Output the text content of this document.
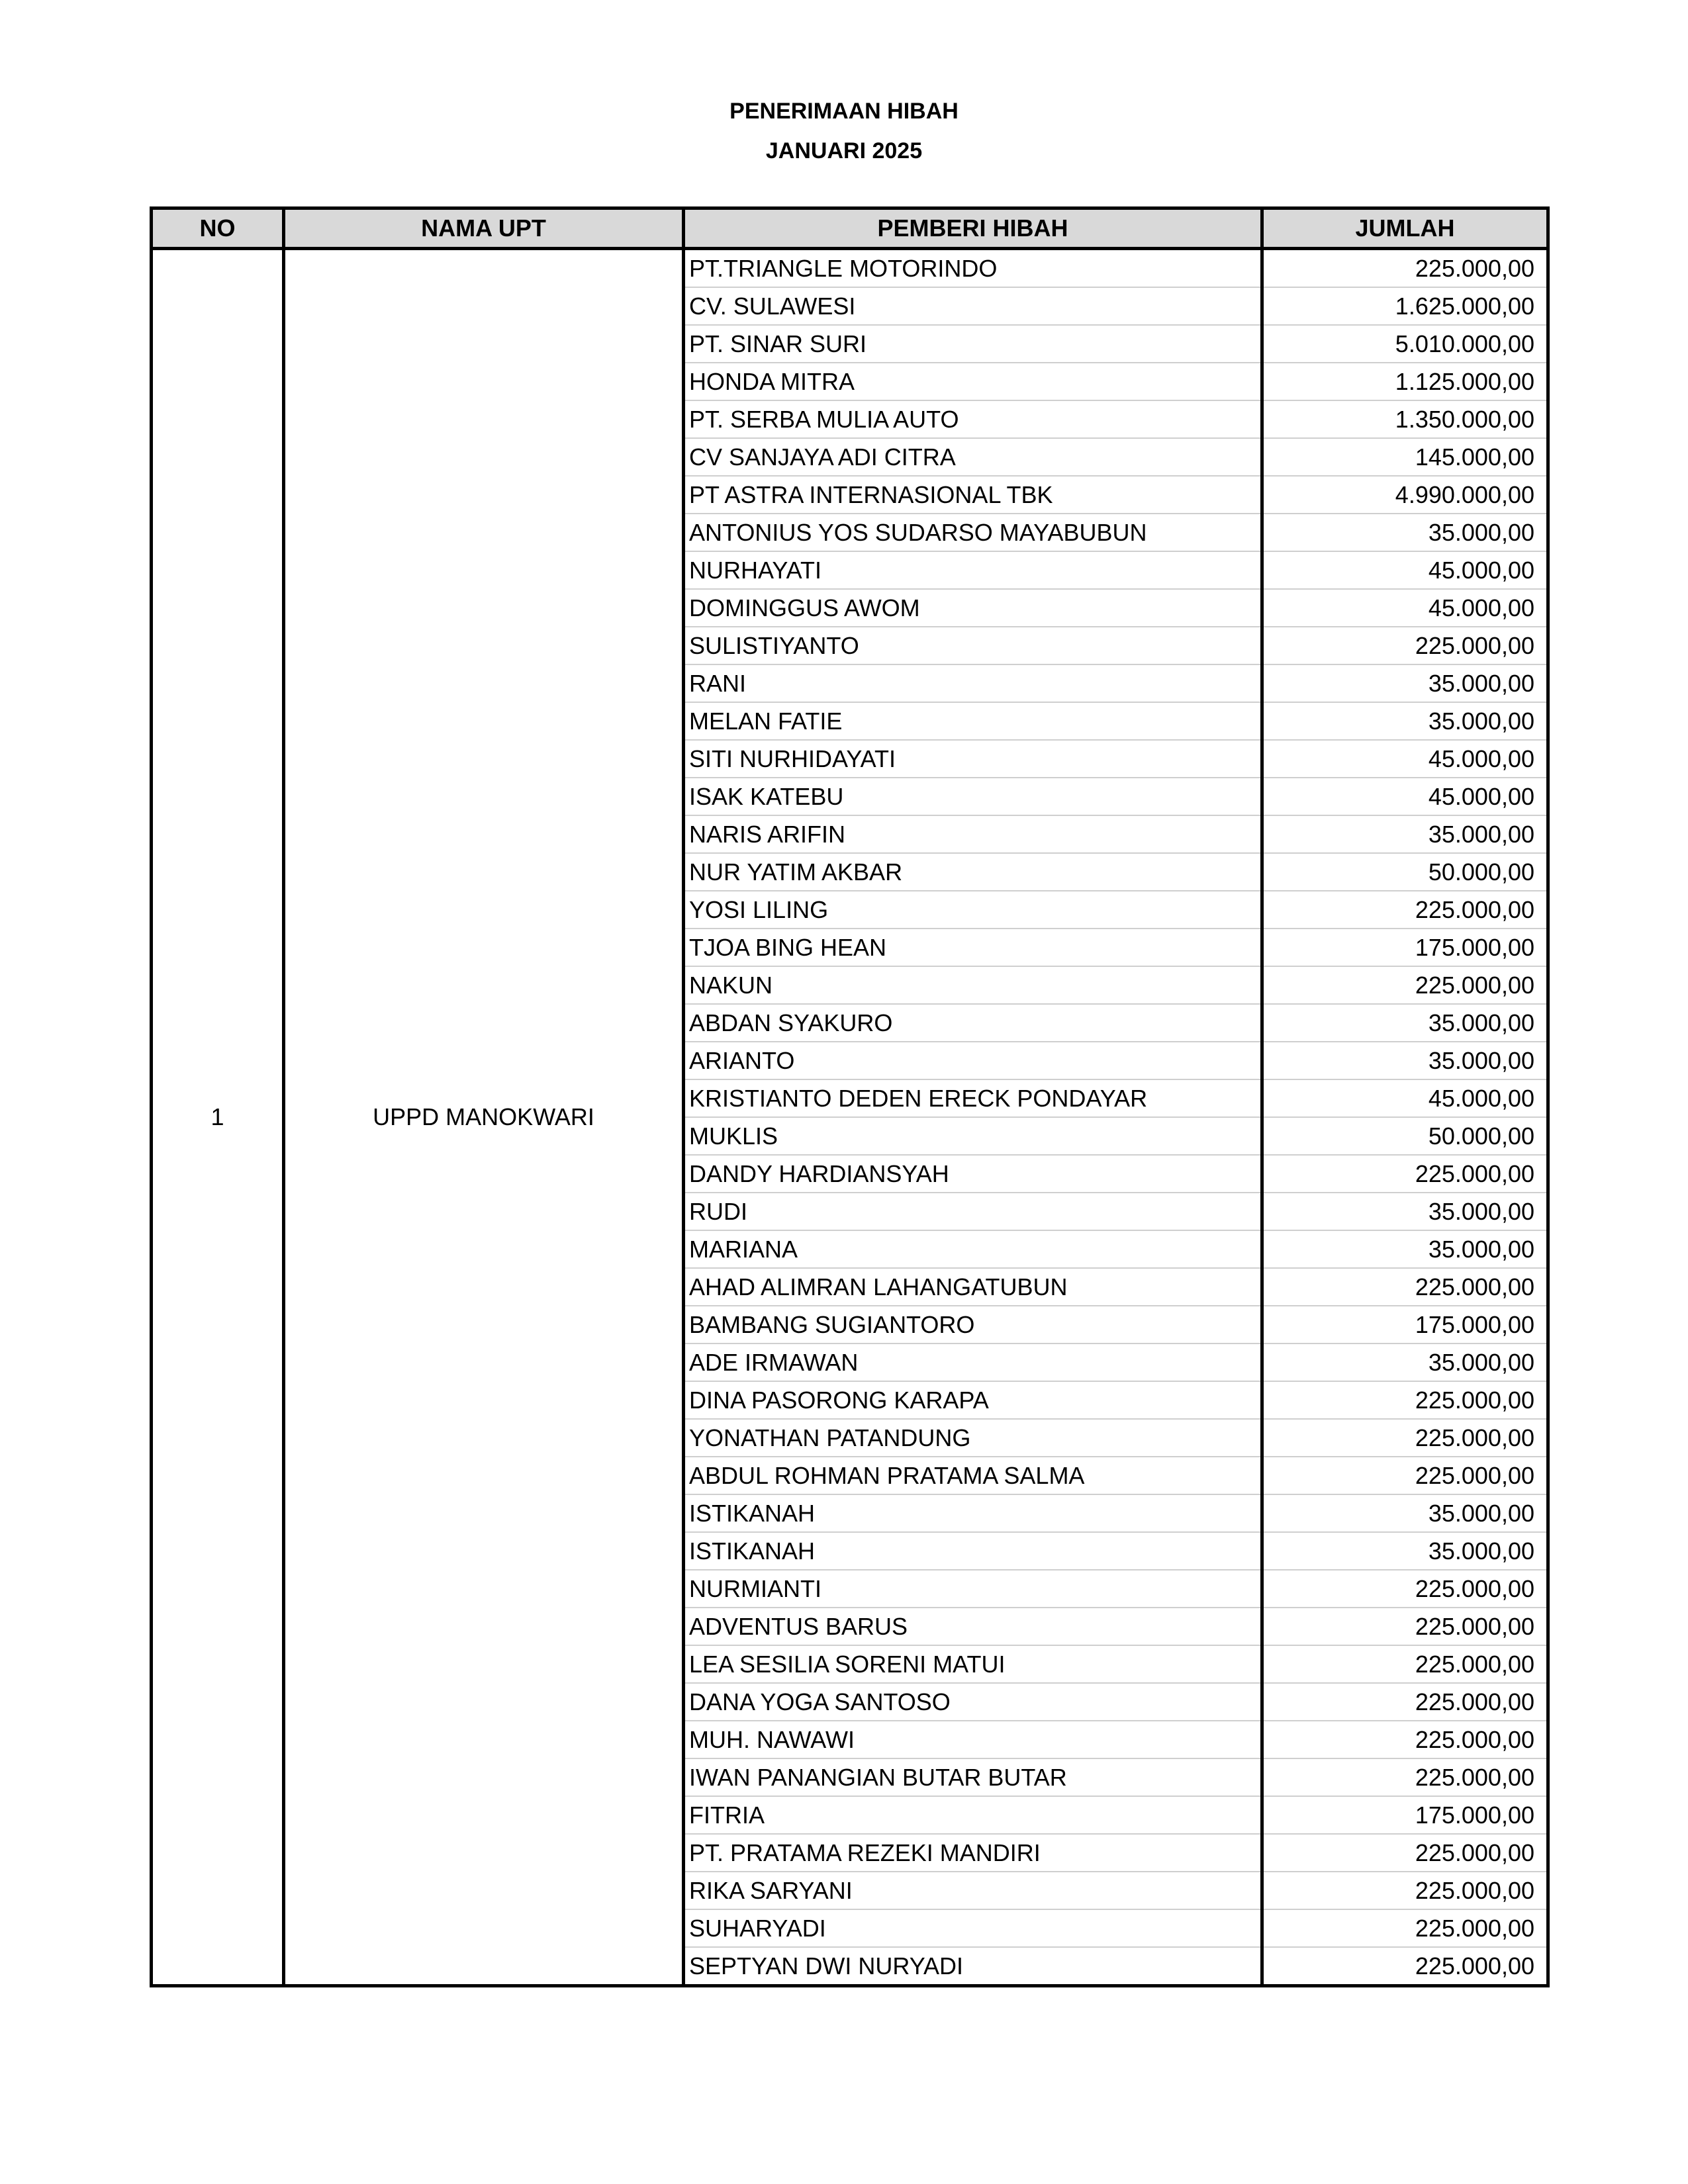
PENERIMAAN HIBAH
JANUARI 2025
NO	NAMA UPT	PEMBERI HIBAH	JUMLAH
1	UPPD MANOKWARI	PT.TRIANGLE MOTORINDO	225.000,00
		CV. SULAWESI	1.625.000,00
		PT. SINAR SURI	5.010.000,00
		HONDA MITRA	1.125.000,00
		PT. SERBA MULIA AUTO	1.350.000,00
		CV SANJAYA ADI CITRA	145.000,00
		PT ASTRA INTERNASIONAL TBK	4.990.000,00
		ANTONIUS YOS SUDARSO MAYABUBUN	35.000,00
		NURHAYATI	45.000,00
		DOMINGGUS AWOM	45.000,00
		SULISTIYANTO	225.000,00
		RANI	35.000,00
		MELAN FATIE	35.000,00
		SITI NURHIDAYATI	45.000,00
		ISAK KATEBU	45.000,00
		NARIS ARIFIN	35.000,00
		NUR YATIM AKBAR	50.000,00
		YOSI LILING	225.000,00
		TJOA BING HEAN	175.000,00
		NAKUN	225.000,00
		ABDAN SYAKURO	35.000,00
		ARIANTO	35.000,00
		KRISTIANTO DEDEN ERECK PONDAYAR	45.000,00
		MUKLIS	50.000,00
		DANDY HARDIANSYAH	225.000,00
		RUDI	35.000,00
		MARIANA	35.000,00
		AHAD ALIMRAN LAHANGATUBUN	225.000,00
		BAMBANG SUGIANTORO	175.000,00
		ADE IRMAWAN	35.000,00
		DINA PASORONG KARAPA	225.000,00
		YONATHAN PATANDUNG	225.000,00
		ABDUL ROHMAN PRATAMA SALMA	225.000,00
		ISTIKANAH	35.000,00
		ISTIKANAH	35.000,00
		NURMIANTI	225.000,00
		ADVENTUS BARUS	225.000,00
		LEA SESILIA SORENI MATUI	225.000,00
		DANA YOGA SANTOSO	225.000,00
		MUH. NAWAWI	225.000,00
		IWAN PANANGIAN BUTAR BUTAR	225.000,00
		FITRIA	175.000,00
		PT. PRATAMA REZEKI MANDIRI	225.000,00
		RIKA SARYANI	225.000,00
		SUHARYADI	225.000,00
		SEPTYAN DWI NURYADI	225.000,00
